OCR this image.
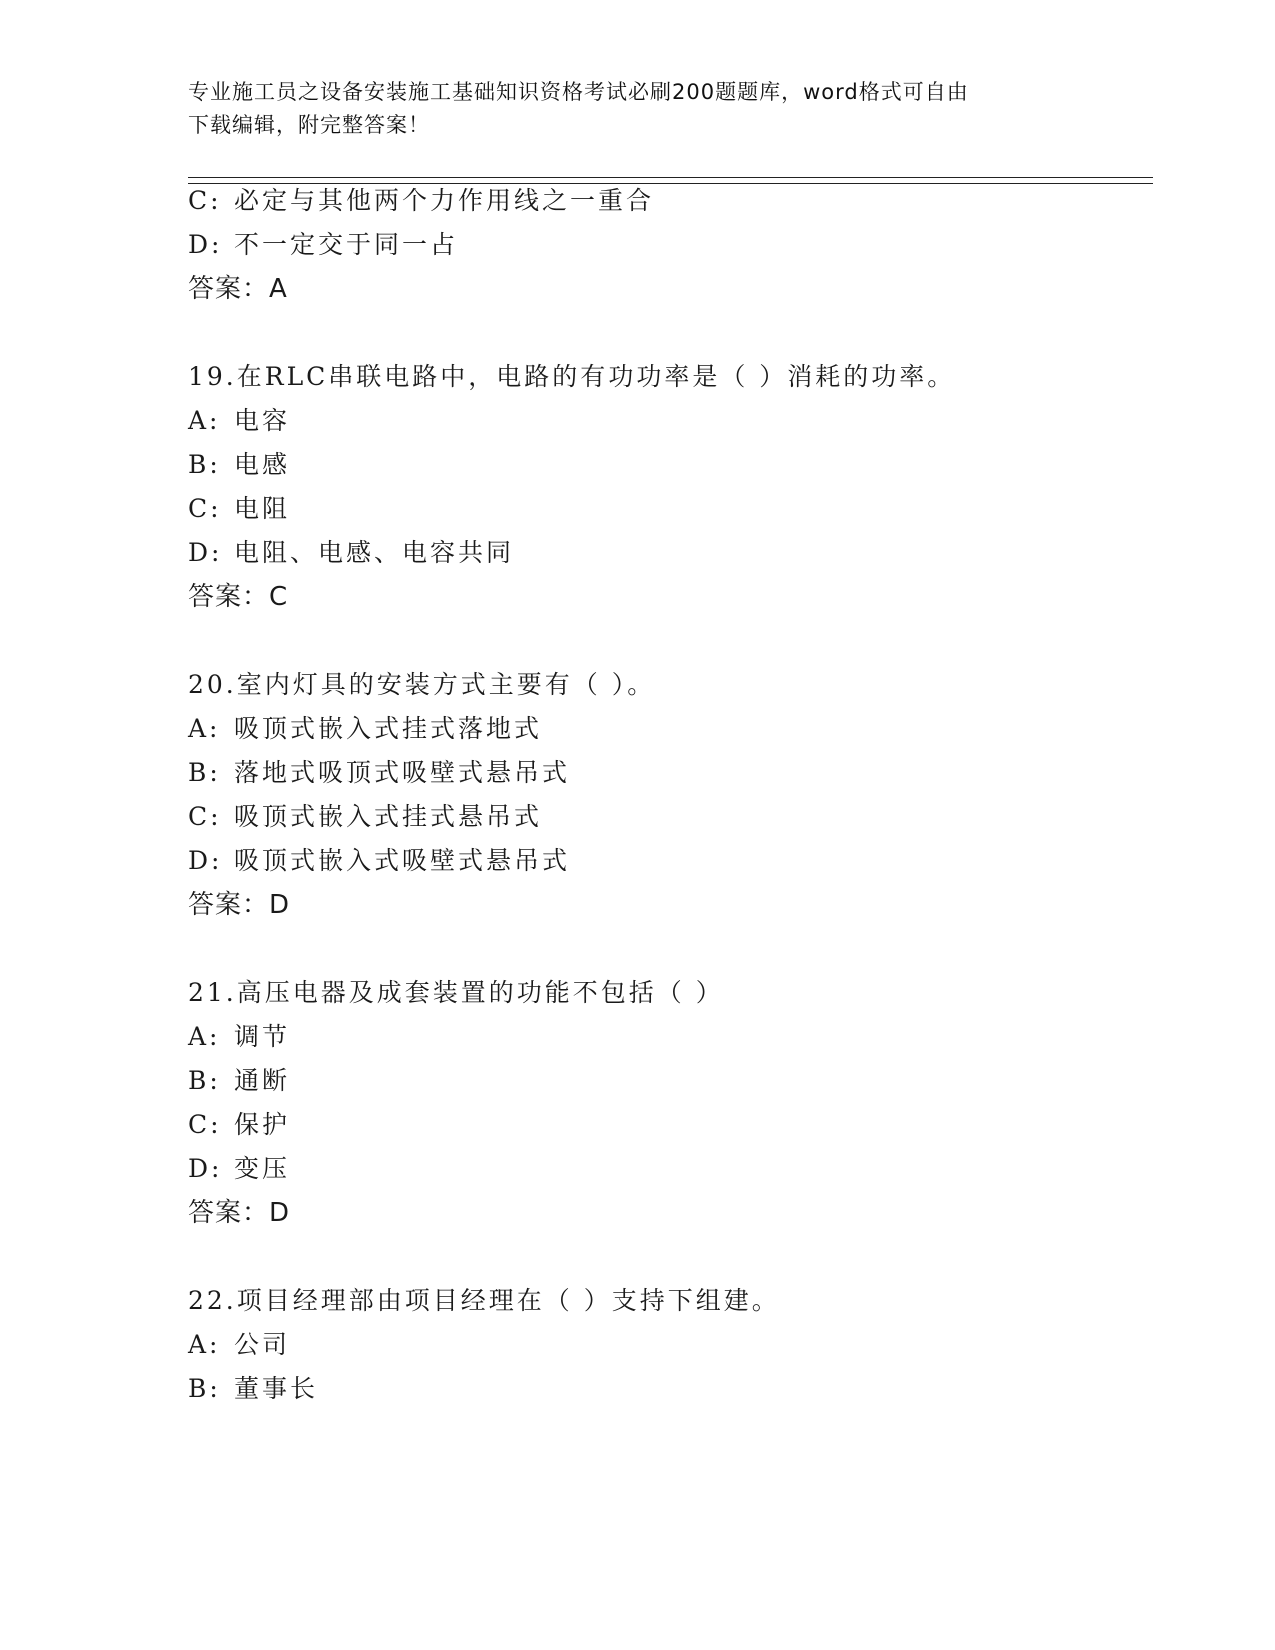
专业施工员之设备安装施工基础知识资格考试必刷200题题库，word格式可自由
下载编辑，附完整答案！
C: 必定与其他两个力作用线之一重合
D: 不一定交于同一占
答案：A
19.在RLC串联电路中，电路的有功功率是（ ）消耗的功率。
A: 电容
B: 电感
C: 电阻
D: 电阻、电感、电容共同
答案：C
20.室内灯具的安装方式主要有（ ）。
A: 吸顶式嵌入式挂式落地式
B: 落地式吸顶式吸壁式悬吊式
C: 吸顶式嵌入式挂式悬吊式
D: 吸顶式嵌入式吸壁式悬吊式
答案：D
21.高压电器及成套装置的功能不包括（ ）
A: 调节
B: 通断
C: 保护
D: 变压
答案：D
22.项目经理部由项目经理在（ ）支持下组建。
A: 公司
B: 董事长
